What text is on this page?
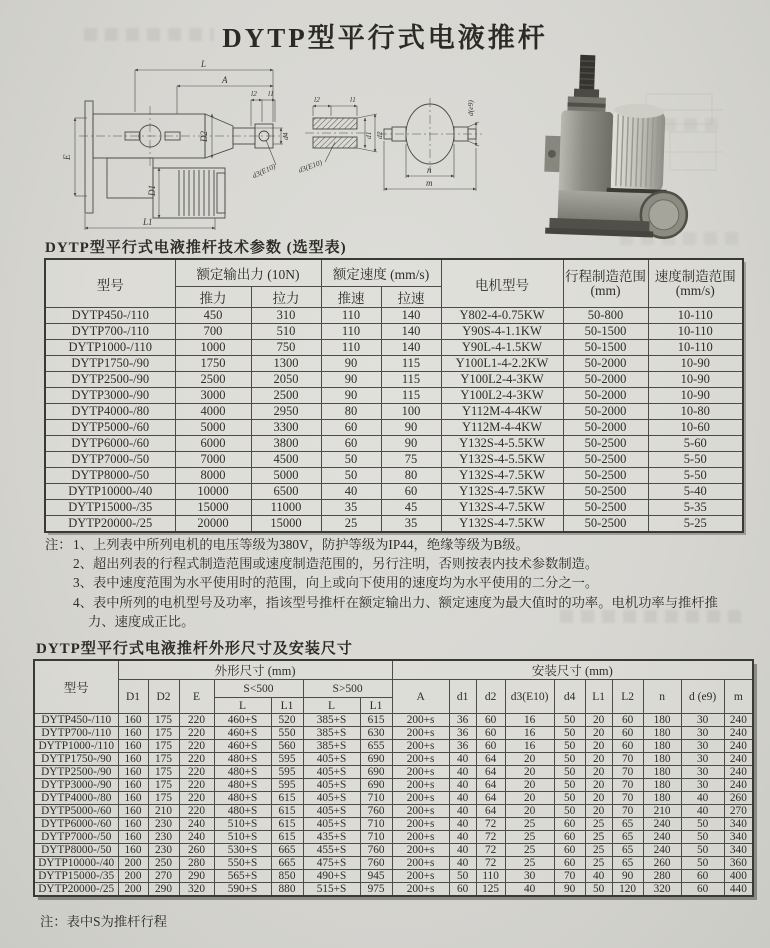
DYTP型平行式电液推杆
L
A
l2 l1
D2	d4
d3(E10)
E
D1
L1
l2	l1
d1 d2
d3(E10)
d(e9)
n
m
DYTP型平行式电液推杆技术参数 (选型表)
型号	额定输出力 (10N)		额定速度 (mm/s)		电机型号	行程制造范围
(mm)	速度制造范围
(mm/s)

	推力	拉力	推速	拉速			
DYTP450-/110	450	310	110	140	Y802-4-0.75KW	50-800	10-110
DYTP700-/110	700	510	110	140	Y90S-4-1.1KW	50-1500	10-110
DYTP1000-/110	1000	750	110	140	Y90L-4-1.5KW	50-1500	10-110
DYTP1750-/90	1750	1300	90	115	Y100L1-4-2.2KW	50-2000	10-90
DYTP2500-/90	2500	2050	90	115	Y100L2-4-3KW	50-2000	10-90
DYTP3000-/90	3000	2500	90	115	Y100L2-4-3KW	50-2000	10-90
DYTP4000-/80	4000	2950	80	100	Y112M-4-4KW	50-2000	10-80
DYTP5000-/60	5000	3300	60	90	Y112M-4-4KW	50-2000	10-60
DYTP6000-/60	6000	3800	60	90	Y132S-4-5.5KW	50-2500	5-60
DYTP7000-/50	7000	4500	50	75	Y132S-4-5.5KW	50-2500	5-50
DYTP8000-/50	8000	5000	50	80	Y132S-4-7.5KW	50-2500	5-50
DYTP10000-/40	10000	6500	40	60	Y132S-4-7.5KW	50-2500	5-40
DYTP15000-/35	15000	11000	35	45	Y132S-4-7.5KW	50-2500	5-35
DYTP20000-/25	20000	15000	25	35	Y132S-4-7.5KW	50-2500	5-25
注： 1、上列表中所列电机的电压等级为380V，防护等级为IP44，绝缘等级为B级。
2、超出列表的行程式制造范围或速度制造范围的，另行注明，否则按表内技术参数制造。
3、表中速度范围为水平使用时的范围，向上或向下使用的速度均为水平使用的二分之一。
4、表中所列的电机型号及功率，指该型号推杆在额定输出力、额定速度为最大值时的功率。电机功率与推杆推力、速度成正比。
DYTP型平行式电液推杆外形尺寸及安装尺寸
型号	外形尺寸 (mm)							安装尺寸 (mm)									
	D1	D2	E	S<500		S>500		A	d1	d2	d3(E10)	d4	L1	L2	n	d (e9)	m
				L	L1	L	L1										
DYTP450-/110	160	175	220	460+S	520	385+S	615	200+s	36	60	16	50	20	60	180	30	240
DYTP700-/110	160	175	220	460+S	550	385+S	630	200+s	36	60	16	50	20	60	180	30	240
DYTP1000-/110	160	175	220	460+S	560	385+S	655	200+s	36	60	16	50	20	60	180	30	240
DYTP1750-/90	160	175	220	480+S	595	405+S	690	200+s	40	64	20	50	20	70	180	30	240
DYTP2500-/90	160	175	220	480+S	595	405+S	690	200+s	40	64	20	50	20	70	180	30	240
DYTP3000-/90	160	175	220	480+S	595	405+S	690	200+s	40	64	20	50	20	70	180	30	240
DYTP4000-/80	160	175	220	480+S	615	405+S	710	200+s	40	64	20	50	20	70	180	40	260
DYTP5000-/60	160	210	220	480+S	615	405+S	760	200+s	40	64	20	50	20	70	210	40	270
DYTP6000-/60	160	230	240	510+S	615	405+S	710	200+s	40	72	25	60	25	65	240	50	340
DYTP7000-/50	160	230	240	510+S	615	435+S	710	200+s	40	72	25	60	25	65	240	50	340
DYTP8000-/50	160	230	260	530+S	665	455+S	760	200+s	40	72	25	60	25	65	240	50	340
DYTP10000-/40	200	250	280	550+S	665	475+S	760	200+s	40	72	25	60	25	65	260	50	360
DYTP15000-/35	200	270	290	565+S	850	490+S	945	200+s	50	110	30	70	40	90	280	60	400
DYTP20000-/25	200	290	320	590+S	880	515+S	975	200+s	60	125	40	90	50	120	320	60	440
注：表中S为推杆行程
